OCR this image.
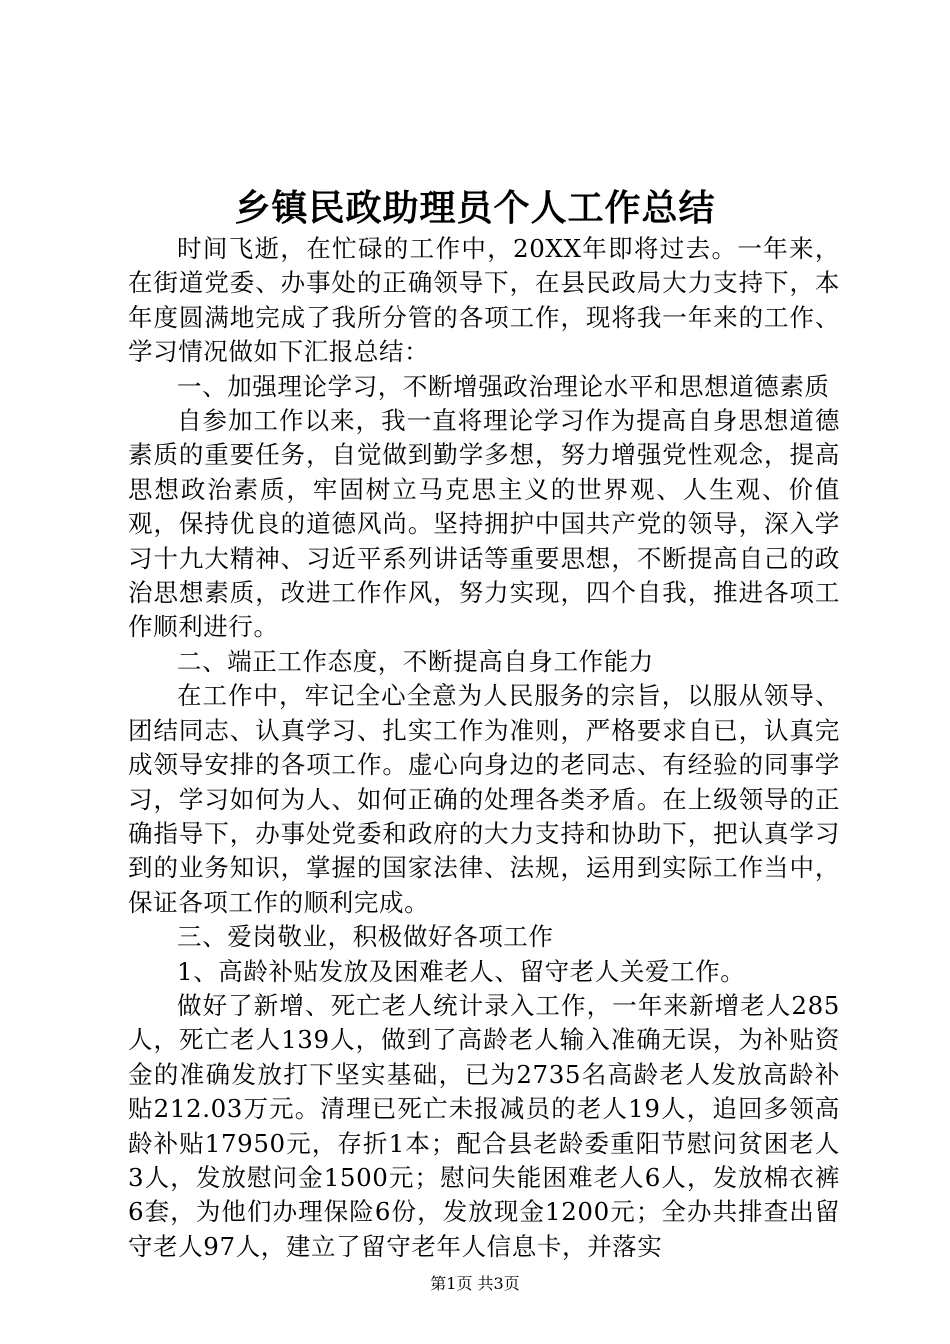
乡镇民政助理员个人工作总结

时间飞逝，在忙碌的工作中，20XX年即将过去。一年来，在街道党委、办事处的正确领导下，在县民政局大力支持下，本年度圆满地完成了我所分管的各项工作，现将我一年来的工作、学习情况做如下汇报总结：

一、加强理论学习，不断增强政治理论水平和思想道德素质

自参加工作以来，我一直将理论学习作为提高自身思想道德素质的重要任务，自觉做到勤学多想，努力增强党性观念，提高思想政治素质，牢固树立马克思主义的世界观、人生观、价值观，保持优良的道德风尚。坚持拥护中国共产党的领导，深入学习十九大精神、习近平系列讲话等重要思想，不断提高自己的政治思想素质，改进工作作风，努力实现，四个自我，推进各项工作顺利进行。

二、端正工作态度，不断提高自身工作能力

在工作中，牢记全心全意为人民服务的宗旨，以服从领导、团结同志、认真学习、扎实工作为准则，严格要求自已，认真完成领导安排的各项工作。虚心向身边的老同志、有经验的同事学习，学习如何为人、如何正确的处理各类矛盾。在上级领导的正确指导下，办事处党委和政府的大力支持和协助下，把认真学习到的业务知识，掌握的国家法律、法规，运用到实际工作当中，保证各项工作的顺利完成。

三、爱岗敬业，积极做好各项工作

1、高龄补贴发放及困难老人、留守老人关爱工作。

做好了新增、死亡老人统计录入工作，一年来新增老人285人，死亡老人139人，做到了高龄老人输入准确无误，为补贴资金的准确发放打下坚实基础，已为2735名高龄老人发放高龄补贴212.03万元。清理已死亡未报减员的老人19人，追回多领高龄补贴17950元，存折1本；配合县老龄委重阳节慰问贫困老人3人，发放慰问金1500元；慰问失能困难老人6人，发放棉衣裤6套，为他们办理保险6份，发放现金1200元；全办共排查出留守老人97人，建立了留守老年人信息卡，并落实

第1页 共3页
